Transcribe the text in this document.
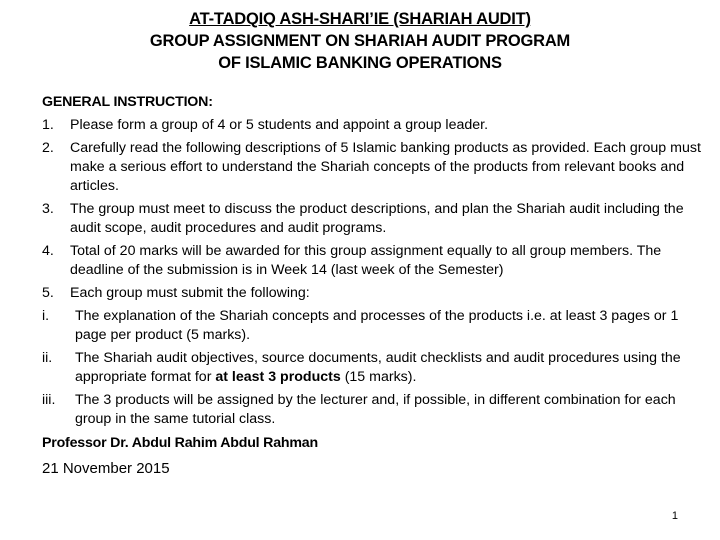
AT-TADQIQ ASH-SHARI’IE (SHARIAH AUDIT)

GROUP ASSIGNMENT ON SHARIAH AUDIT PROGRAM

OF ISLAMIC BANKING OPERATIONS

GENERAL INSTRUCTION:

1.	Please form a group of 4 or 5 students and appoint a group leader.
2.	Carefully read the following descriptions of 5 Islamic banking products as provided. Each group must make a serious effort to understand the Shariah concepts of the products from relevant books and articles.
3.	The group must meet to discuss the product descriptions, and plan the Shariah audit including the audit scope, audit procedures and audit programs.
4.	Total of 20 marks will be awarded for this group assignment equally to all group members. The deadline of the submission is in Week 14 (last week of the Semester)
5.	Each group must submit the following:
i.	The explanation of the Shariah concepts and processes of the products i.e. at least 3 pages or 1 page per product (5 marks).
ii.	The Shariah audit objectives, source documents, audit checklists and audit procedures using the appropriate format for at least 3 products (15 marks).
iii.	The 3 products will be assigned by the lecturer and, if possible, in different combination for each group in the same tutorial class.

Professor Dr. Abdul Rahim Abdul Rahman

21 November 2015

1
